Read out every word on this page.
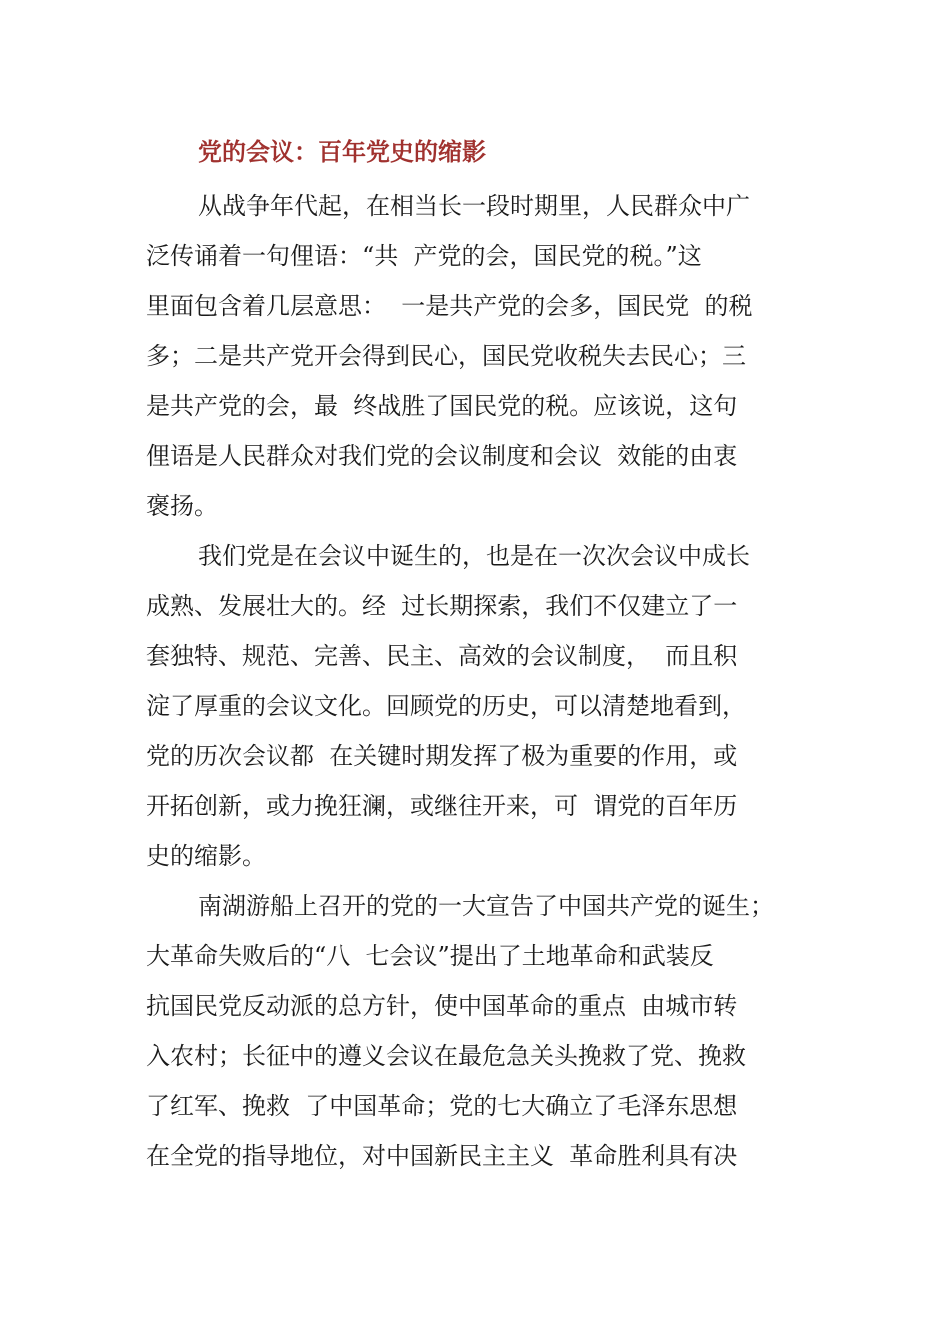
党的会议：百年党史的缩影
从战争年代起，在相当长一段时期里，人民群众中广
泛传诵着一句俚语：“共  产党的会，国民党的税。”这
里面包含着几层意思：  一是共产党的会多，国民党  的税
多；二是共产党开会得到民心，国民党收税失去民心；三
是共产党的会，最  终战胜了国民党的税。应该说，这句
俚语是人民群众对我们党的会议制度和会议  效能的由衷
褒扬。
我们党是在会议中诞生的，也是在一次次会议中成长
成熟、发展壮大的。经  过长期探索，我们不仅建立了一
套独特、规范、完善、民主、高效的会议制度，  而且积
淀了厚重的会议文化。回顾党的历史，可以清楚地看到，
党的历次会议都  在关键时期发挥了极为重要的作用，或
开拓创新，或力挽狂澜，或继往开来，可  谓党的百年历
史的缩影。
南湖游船上召开的党的一大宣告了中国共产党的诞生；
大革命失败后的“八  七会议”提出了土地革命和武装反
抗国民党反动派的总方针，使中国革命的重点  由城市转
入农村；长征中的遵义会议在最危急关头挽救了党、挽救
了红军、挽救  了中国革命；党的七大确立了毛泽东思想
在全党的指导地位，对中国新民主主义  革命胜利具有决
